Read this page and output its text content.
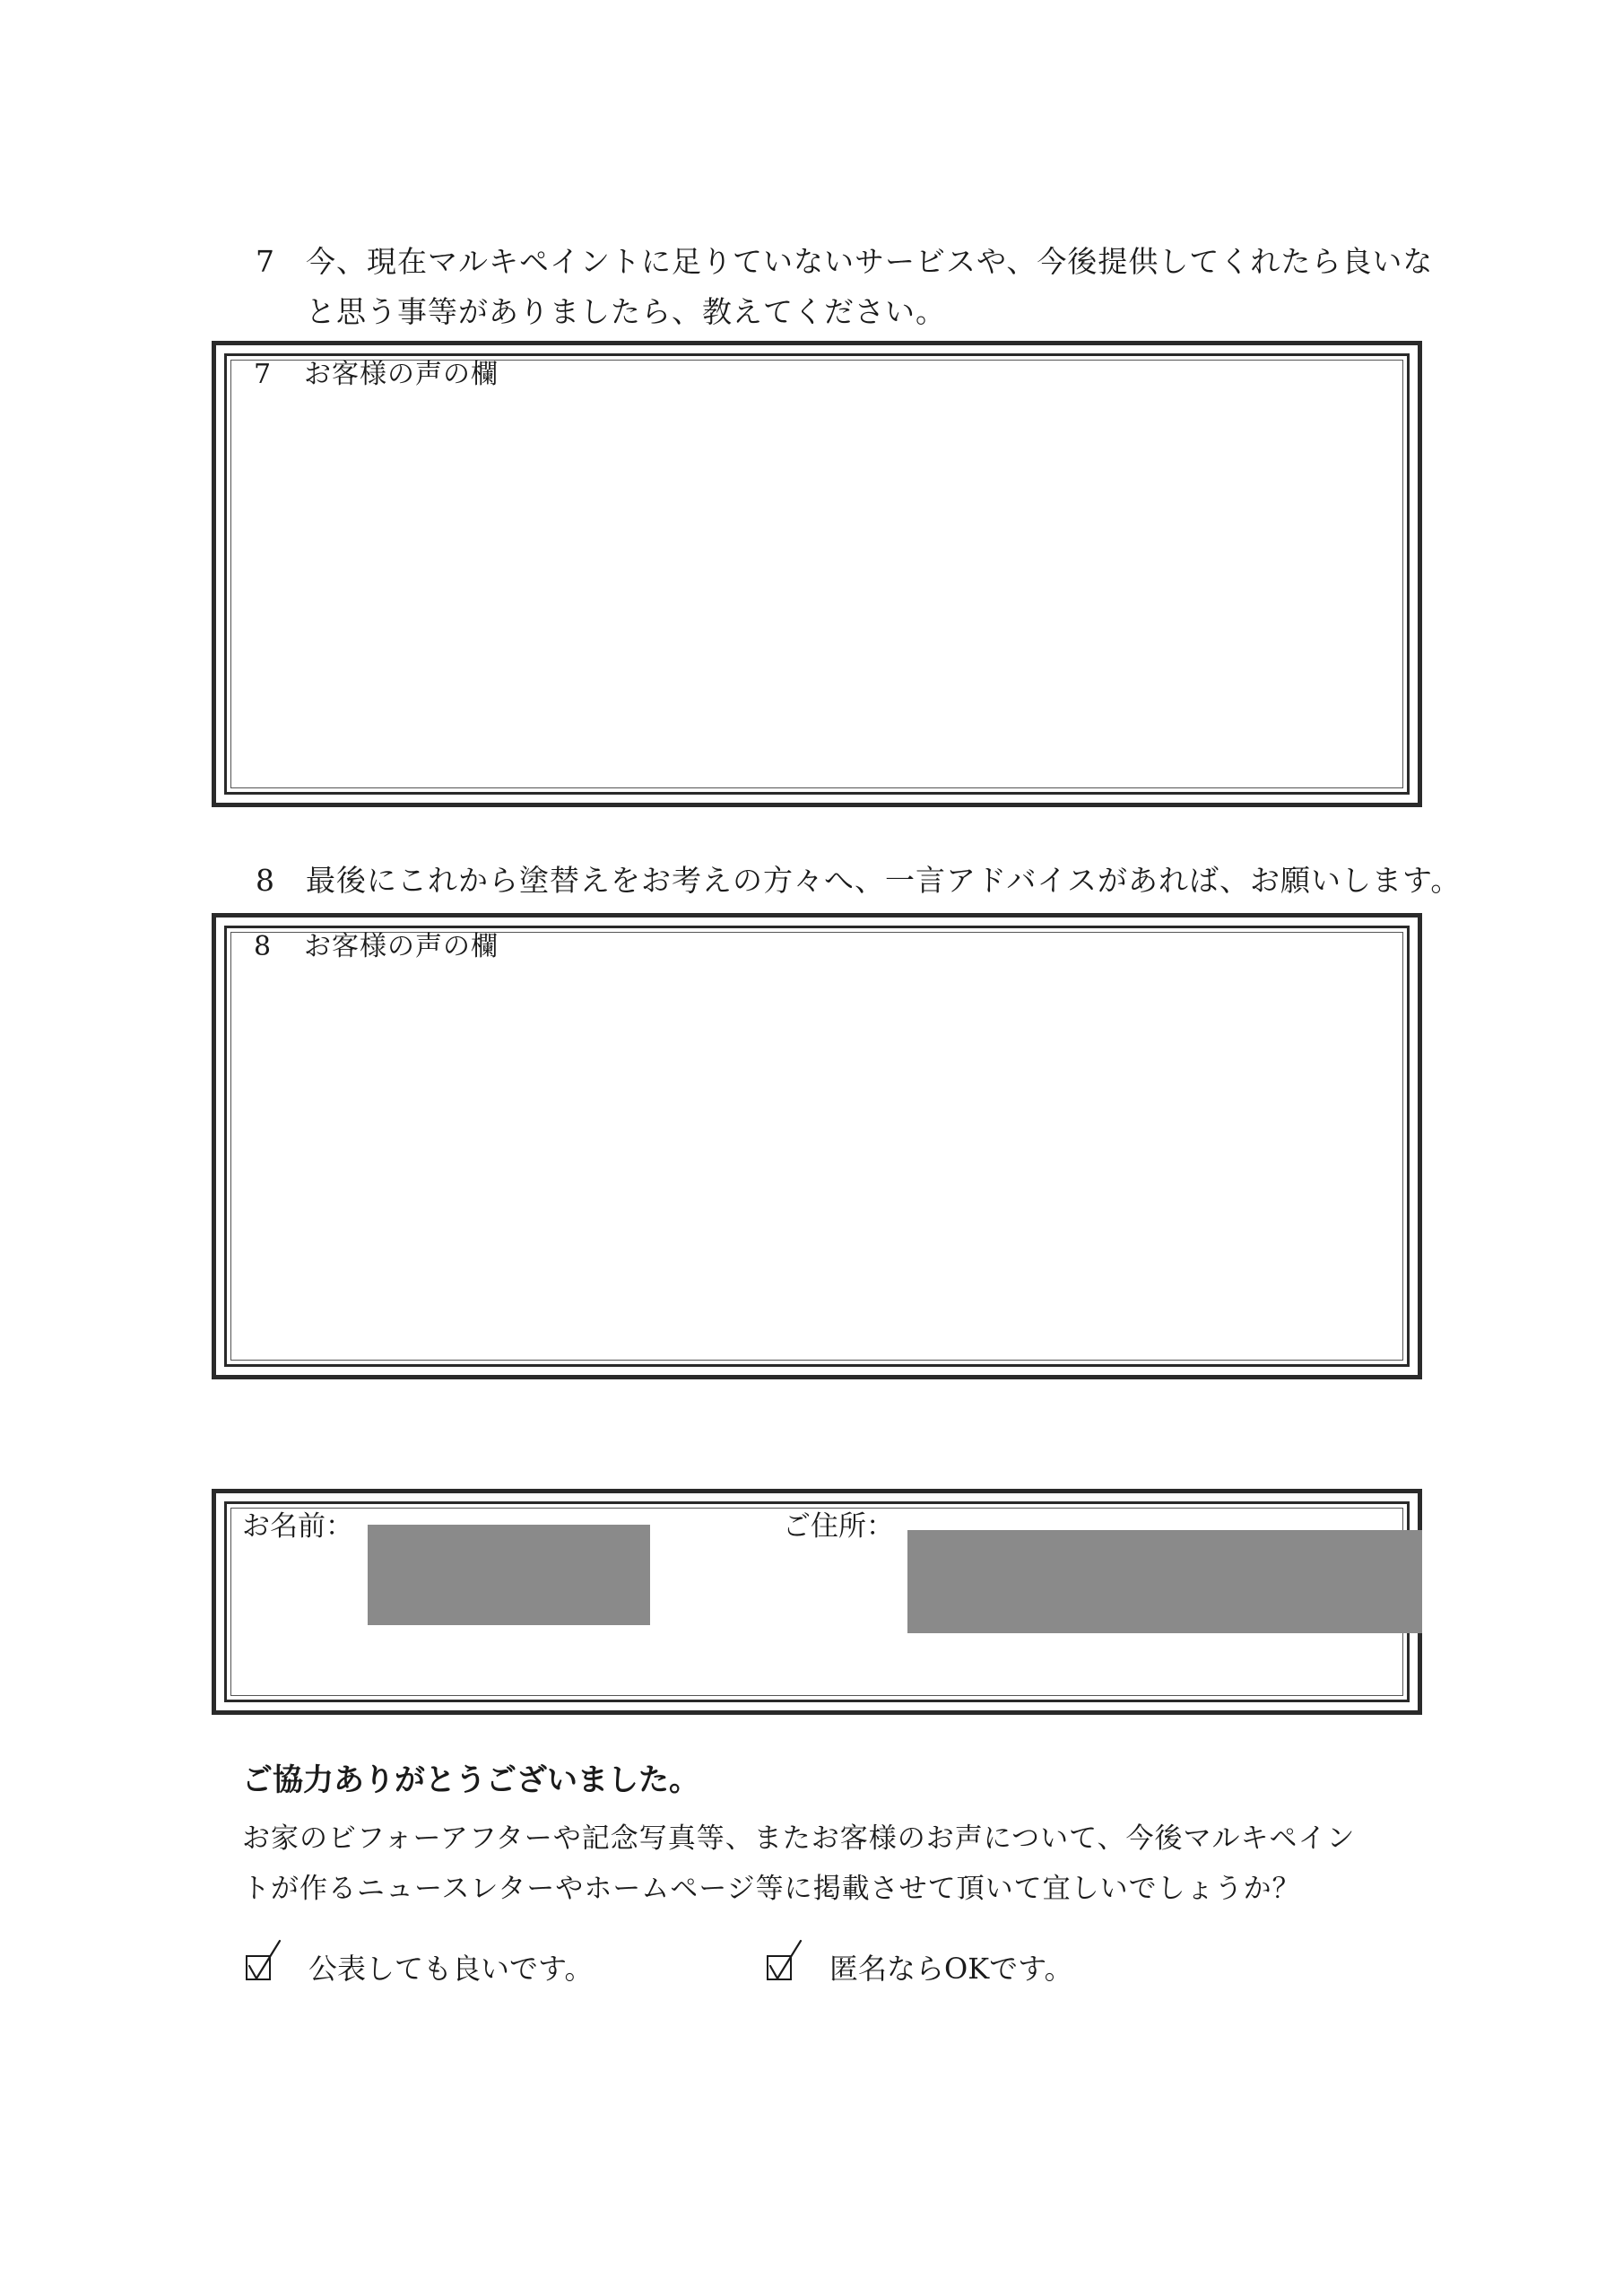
7 今、現在マルキペイントに足りていないサービスや、今後提供してくれたら良いな
と思う事等がありましたら、教えてください。
7 お客様の声の欄
8 最後にこれから塗替えをお考えの方々へ、一言アドバイスがあれば、お願いします。
8 お客様の声の欄
お名前：	ご住所：
ご協力ありがとうございました。
お家のビフォーアフターや記念写真等、またお客様のお声について、今後マルキペイン
トが作るニュースレターやホームページ等に掲載させて頂いて宜しいでしょうか？
公表しても良いです。	匿名ならOKです。
